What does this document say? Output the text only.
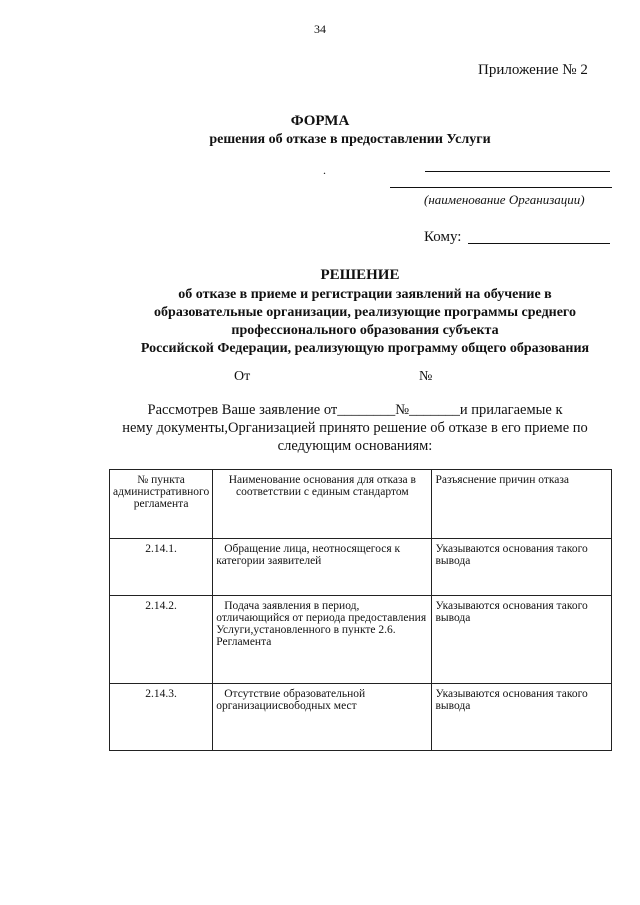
34
Приложение № 2
ФОРМА
решения об отказе в предоставлении Услуги
.
(наименование Организации)
Кому:
РЕШЕНИЕ
об отказе в приеме и регистрации заявлений на обучение в
образовательные организации, реализующие программы среднего
профессионального образования субъекта
Российской Федерации, реализующую программу общего образования
От	№
Рассмотрев Ваше заявление от________№_______и прилагаемые к
нему документы,Организацией принято решение об отказе в его приеме по
следующим основаниям:
№ пункта административного регламента	Наименование основания для отказа в соответствии с единым стандартом	Разъяснение причин отказа
2.14.1.	Обращение лица, неотносящегося к категории заявителей	Указываются основания такого вывода
2.14.2.	Подача заявления в период, отличающийся от периода предоставления Услуги,установленного в пункте 2.6. Регламента	Указываются основания такого вывода
2.14.3.	Отсутствие образовательной организациисвободных мест	Указываются основания такого вывода
